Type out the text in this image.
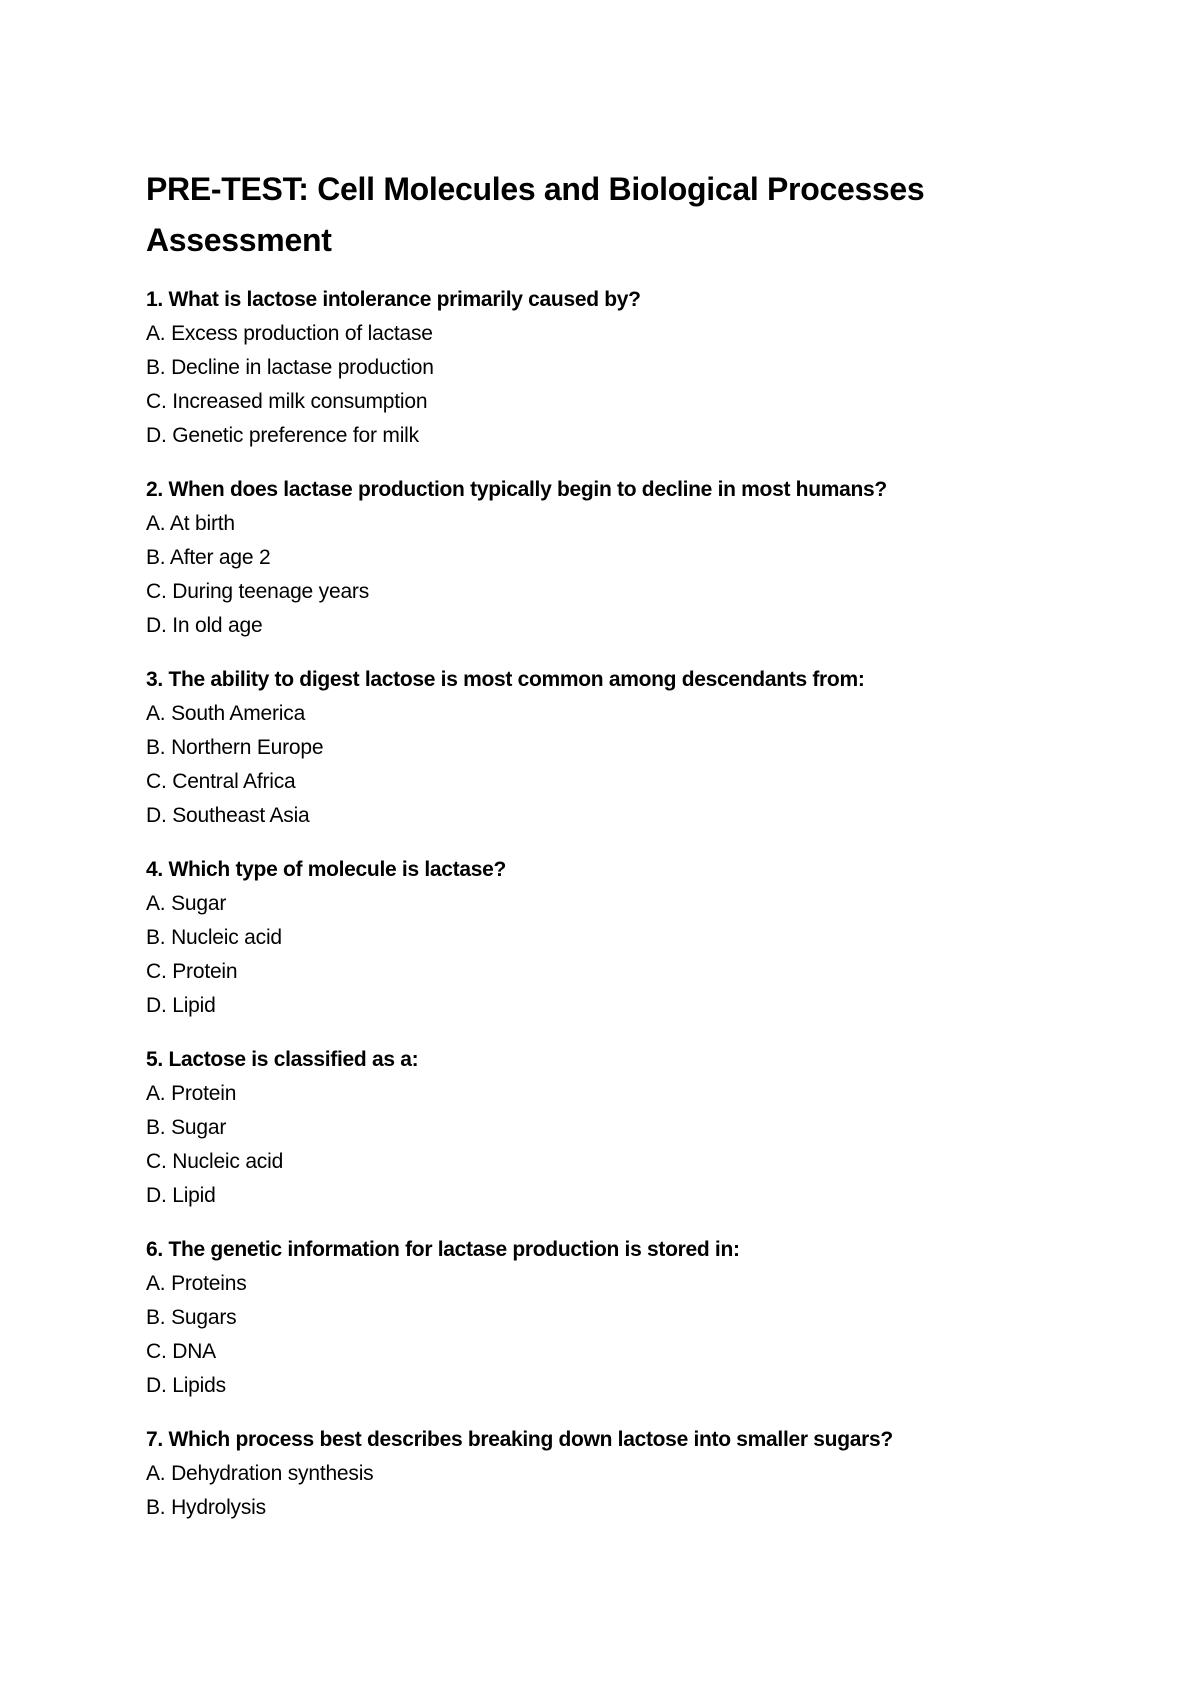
PRE-TEST: Cell Molecules and Biological Processes Assessment
1. What is lactose intolerance primarily caused by?
A. Excess production of lactase
B. Decline in lactase production
C. Increased milk consumption
D. Genetic preference for milk
2. When does lactase production typically begin to decline in most humans?
A. At birth
B. After age 2
C. During teenage years
D. In old age
3. The ability to digest lactose is most common among descendants from:
A. South America
B. Northern Europe
C. Central Africa
D. Southeast Asia
4. Which type of molecule is lactase?
A. Sugar
B. Nucleic acid
C. Protein
D. Lipid
5. Lactose is classified as a:
A. Protein
B. Sugar
C. Nucleic acid
D. Lipid
6. The genetic information for lactase production is stored in:
A. Proteins
B. Sugars
C. DNA
D. Lipids
7. Which process best describes breaking down lactose into smaller sugars?
A. Dehydration synthesis
B. Hydrolysis
